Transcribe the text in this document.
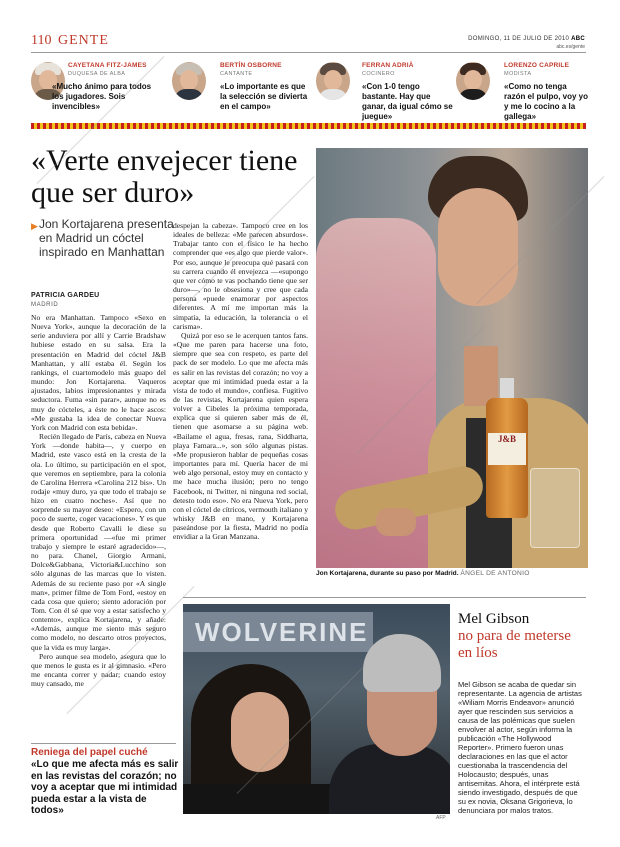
110 GENTE	DOMINGO, 11 DE JULIO DE 2010 ABC
abc.es/gente
CAYETANA FITZ-JAMES
DUQUESA DE ALBA
«Mucho ánimo para todos los jugadores. Sois invencibles»
BERTÍN OSBORNE
CANTANTE
«Lo importante es que la selección se divierta en el campo»
FERRAN ADRIÀ
COCINERO
«Con 1-0 tengo bastante. Hay que ganar, da igual cómo se juegue»
LORENZO CAPRILE
MODISTA
«Como no tenga razón el pulpo, voy yo y me lo cocino a la gallega»
«Verte envejecer tiene que ser duro»
▶ Jon Kortajarena presenta en Madrid un cóctel inspirado en Manhattan
PATRICIA GARDEU
MADRID

No era Manhattan. Tampoco «Sexo en Nueva York», aunque la decoración de la serie anduviera por allí y Carrie Bradshaw hubiese estado en su salsa. Era la presentación en Madrid del cóctel J&B Manhattan, y allí estaba él. Según los rankings, el cuartomodelo más guapo del mundo: Jon Kortajarena. Vaqueros ajustados, labios impresionantes y mirada seductora. Fuma «sin parar», aunque no es muy de cócteles, a éste no le hace ascos: «Me gustaba la idea de conectar Nueva York con Madrid con esta bebida».

Recién llegado de París, cabeza en Nueva York —donde habita—, y cuerpo en Madrid, este vasco está en la cresta de la ola. Lo último, su participación en el spot, que veremos en septiembre, para la colonia de Carolina Herrera «Carolina 212 bis». Un rodaje «muy duro, ya que todo el trabajo se hizo en cuatro noches». Así que no sorprende su mayor deseo: «Espero, con un poco de suerte, coger vacaciones». Y es que desde que Roberto Cavalli le diese su primera oportunidad —«fue mi primer trabajo y siempre le estaré agradecido»—, no para. Chanel, Giorgio Armani, Dolce&Gabbana, Victoria&Lucchino son sólo algunas de las marcas que lo visten. Además de su reciente paso por «A single man», primer filme de Tom Ford, «estoy en cada cosa que quiero; siento adoración por Tom. Con él sé que voy a estar satisfecho y contento», explica Kortajarena, y añade: «Además, aunque me siento más seguro como modelo, no descarto otros proyectos, que la vida es muy larga».

Pero aunque sea modelo, asegura que lo que menos le gusta es ir al gimnasio. «Pero me encanta correr y nadar; cuando estoy muy cansado, me

despejan la cabeza». Tampoco cree en los ideales de belleza: «Me parecen absurdos». Trabajar tanto con el físico le ha hecho comprender que «es algo que pierde valor». Por eso, aunque le preocupa qué pasará con su carrera cuando él envejezca —«supongo que ver cómo te vas pochando tiene que ser duro»—, no le obsesiona y cree que cada persona «puede enamorar por aspectos diferentes. A mí me importan más la simpatía, la educación, la tolerancia o el carisma».

Quizá por eso se le acerquen tantos fans. «Que me paren para hacerse una foto, siempre que sea con respeto, es parte del pack de ser modelo. Lo que me afecta más es salir en las revistas del corazón; no voy a aceptar que mi intimidad pueda estar a la vista de todo el mundo», confiesa. Fugitivo de las revistas, Kortajarena quien espera volver a Cibeles la próxima temporada, explica que si quieren saber más de él, tienen que asomarse a su página web. «Bailame el agua, fresas, rana, Siddharta, playa Famara...», son sólo algunas pistas. «Me propusieron hablar de pequeñas cosas importantes para mí. Quería hacer de mi web algo personal, estoy muy en contacto y me hace mucha ilusión; pero no tengo Facebook, ni Twitter, ni ninguna red social, detesto todo eso». No era Nueva York, pero con el cóctel de cítricos, vermouth italiano y whisky J&B en mano, y Kortajarena paseándose por la fiesta, Madrid no podía envidiar a la Gran Manzana.

J&B
Jon Kortajarena, durante su paso por Madrid. ÁNGEL DE ANTONIO
WOLVERINE
AFP
Mel Gibson
no para de meterse en líos

Mel Gibson se acaba de quedar sin representante. La agencia de artistas «Wiliam Morris Endeavor» anunció ayer que rescinden sus servicios a causa de las polémicas que suelen envolver al actor, según informa la publicación «The Hollywood Reporter». Primero fueron unas declaraciones en las que el actor cuestionaba la trascendencia del Holocausto; después, unas antisemitas. Ahora, el intérprete está siendo investigado, después de que su ex novia, Oksana Grigorieva, lo denunciara por malos tratos.

Reniega del papel cuché
«Lo que me afecta más es salir en las revistas del corazón; no voy a aceptar que mi intimidad pueda estar a la vista de todos»
